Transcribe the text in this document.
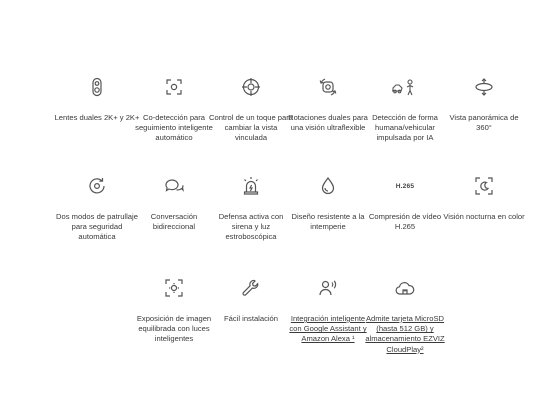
Lentes duales 2K+ y 2K+ Co-detección para seguimiento inteligente automático
Control de un toque para cambiar la vista vinculada
Rotaciones duales para una visión ultraflexible
Detección de forma humana/vehicular impulsada por IA
Vista panorámica de 360°
Dos modos de patrullaje para seguridad automática
Conversación bidireccional
Defensa activa con sirena y luz estroboscópica
Diseño resistente a la intemperie
H.265
Compresión de vídeo H.265
Visión nocturna en color
Exposición de imagen equilibrada con luces inteligentes
Fácil instalación	Integración inteligente con Google Assistant y Amazon Alexa ¹
Admite tarjeta MicroSD (hasta 512 GB) y almacenamiento EZVIZ CloudPlay²
